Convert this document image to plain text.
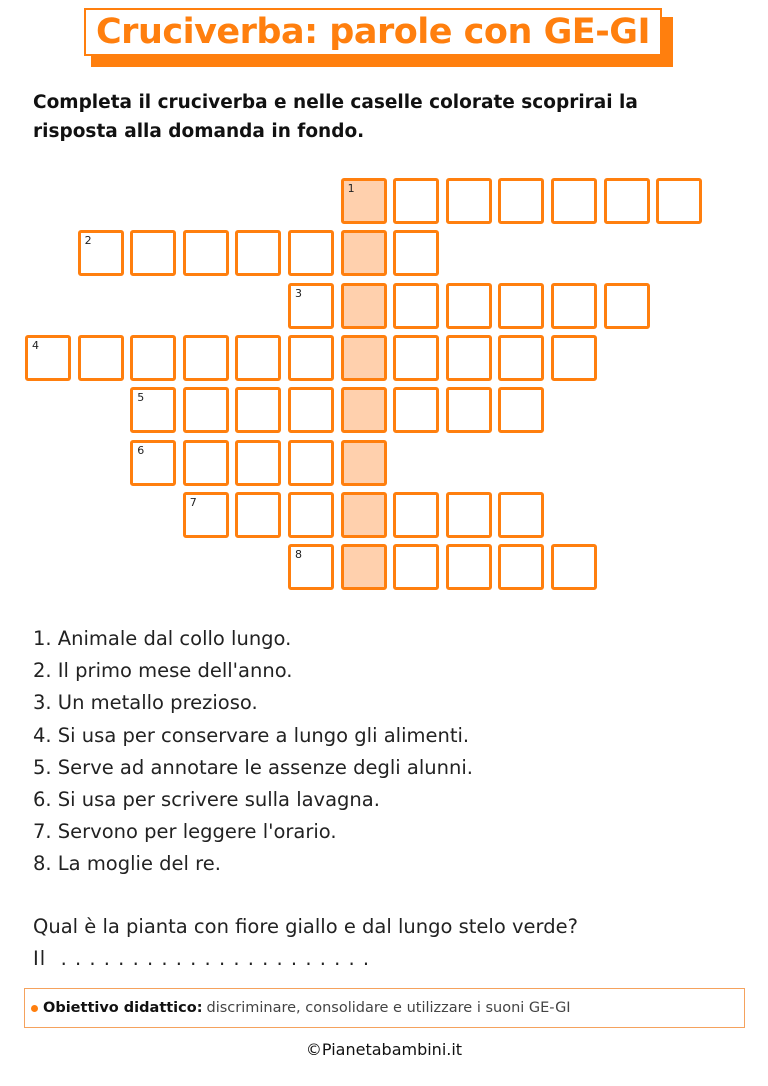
Cruciverba: parole con GE-GI
Completa il cruciverba e nelle caselle colorate scoprirai la
risposta alla domanda in fondo.
1
2
3
4
5
6
7
8
1. Animale dal collo lungo.
2. Il primo mese dell'anno.
3. Un metallo prezioso.
4. Si usa per conservare a lungo gli alimenti.
5. Serve ad annotare le assenze degli alunni.
6. Si usa per scrivere sulla lavagna.
7. Servono per leggere l'orario.
8. La moglie del re.
Qual è la pianta con fiore giallo e dal lungo stelo verde?
Il . . . . . . . . . . . . . . . . . . . . . .
Obiettivo didattico: discriminare, consolidare e utilizzare i suoni GE-GI
©Pianetabambini.it
